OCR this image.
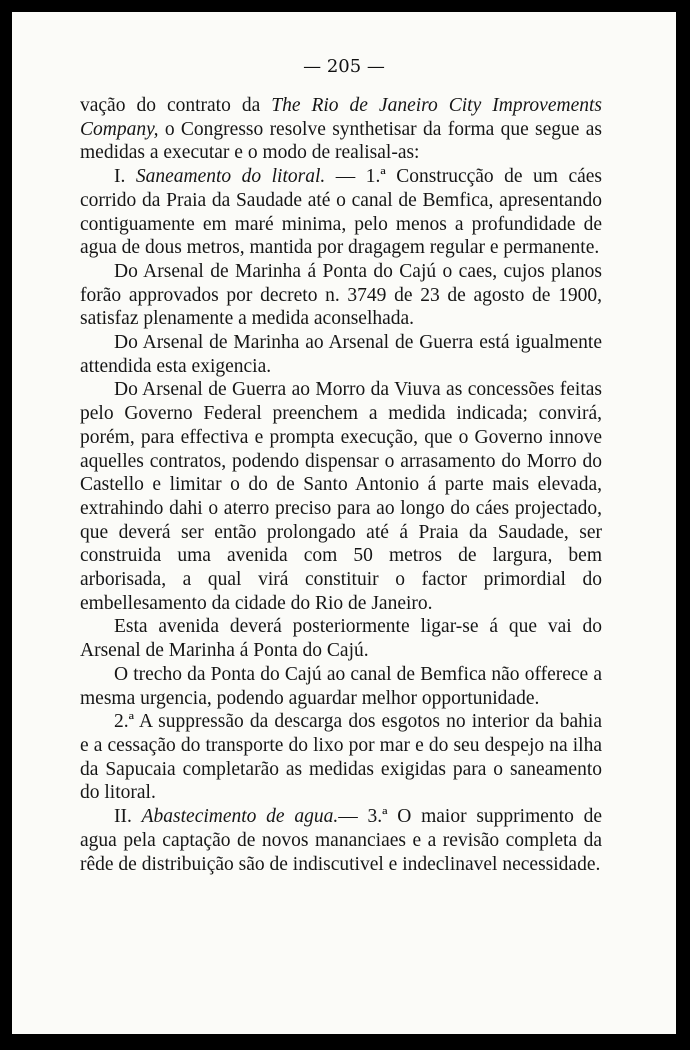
— 205 —

vação do contrato da The Rio de Janeiro City Improvements Company, o Congresso resolve synthetisar da forma que segue as medidas a executar e o modo de realisal-as:

I. Saneamento do litoral. — 1.ª Construcção de um cáes corrido da Praia da Saudade até o canal de Bemfica, apresentando contiguamente em maré minima, pelo menos a profundidade de agua de dous metros, mantida por dragagem regular e permanente.

Do Arsenal de Marinha á Ponta do Cajú o caes, cujos planos forão approvados por decreto n. 3749 de 23 de agosto de 1900, satisfaz plenamente a medida aconselhada.

Do Arsenal de Marinha ao Arsenal de Guerra está igualmente attendida esta exigencia.

Do Arsenal de Guerra ao Morro da Viuva as concessões feitas pelo Governo Federal preenchem a medida indicada; convirá, porém, para effectiva e prompta execução, que o Governo innove aquelles contratos, podendo dispensar o arrasamento do Morro do Castello e limitar o do de Santo Antonio á parte mais elevada, extrahindo dahi o aterro preciso para ao longo do cáes projectado, que deverá ser então prolongado até á Praia da Saudade, ser construida uma avenida com 50 metros de largura, bem arborisada, a qual virá constituir o factor primordial do embellesamento da cidade do Rio de Janeiro.

Esta avenida deverá posteriormente ligar-se á que vai do Arsenal de Marinha á Ponta do Cajú.

O trecho da Ponta do Cajú ao canal de Bemfica não offerece a mesma urgencia, podendo aguardar melhor opportunidade.

2.ª A suppressão da descarga dos esgotos no interior da bahia e a cessação do transporte do lixo por mar e do seu despejo na ilha da Sapucaia completarão as medidas exigidas para o saneamento do litoral.

II. Abastecimento de agua.— 3.ª O maior supprimento de agua pela captação de novos mananciaes e a revisão completa da rêde de distribuição são de indiscutivel e indeclinavel necessidade.
